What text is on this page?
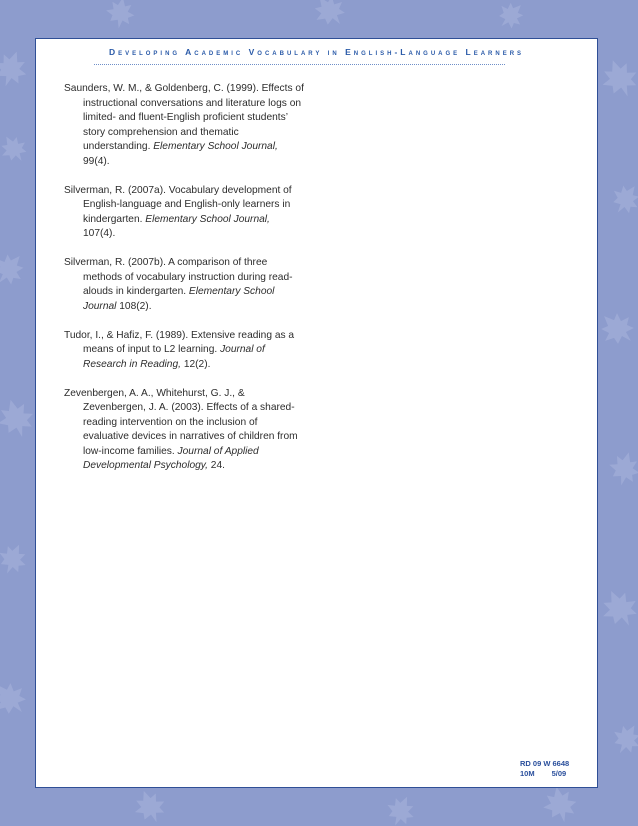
Developing Academic Vocabulary in English-Language Learners

Saunders, W. M., & Goldenberg, C. (1999). Effects of instructional conversations and literature logs on limited- and fluent-English proficient students’ story comprehension and thematic understanding. Elementary School Journal, 99(4).

Silverman, R. (2007a). Vocabulary development of English-language and English-only learners in kindergarten. Elementary School Journal, 107(4).

Silverman, R. (2007b). A comparison of three methods of vocabulary instruction during read-alouds in kindergarten. Elementary School Journal 108(2).

Tudor, I., & Hafiz, F. (1989). Extensive reading as a means of input to L2 learning. Journal of Research in Reading, 12(2).

Zevenbergen, A. A., Whitehurst, G. J., & Zevenbergen, J. A. (2003). Effects of a shared-reading intervention on the inclusion of evaluative devices in narratives of children from low-income families. Journal of Applied Developmental Psychology, 24.

RD 09 W 6648
10M 5/09
